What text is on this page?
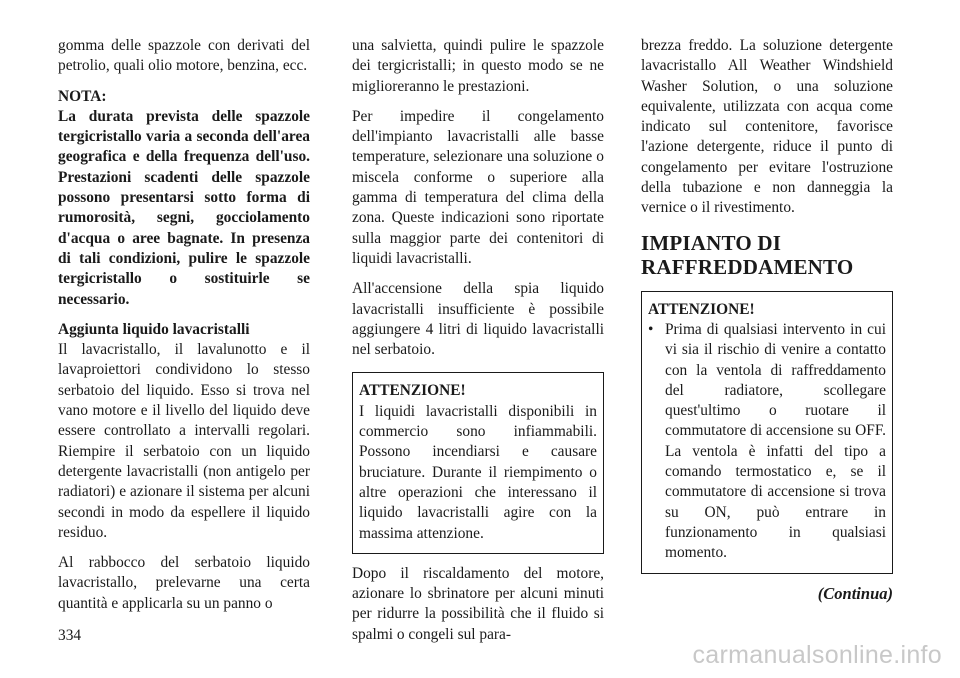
gomma delle spazzole con derivati del petrolio, quali olio motore, benzina, ecc.

NOTA:

La durata prevista delle spazzole tergicristallo varia a seconda dell'area geografica e della frequenza dell'uso. Prestazioni scadenti delle spazzole possono presentarsi sotto forma di rumorosità, segni, gocciolamento d'acqua o aree bagnate. In presenza di tali condizioni, pulire le spazzole tergicristallo o sostituirle se necessario.

Aggiunta liquido lavacristalli

Il lavacristallo, il lavalunotto e il lavaproiettori condividono lo stesso serbatoio del liquido. Esso si trova nel vano motore e il livello del liquido deve essere controllato a intervalli regolari. Riempire il serbatoio con un liquido detergente lavacristalli (non antigelo per radiatori) e azionare il sistema per alcuni secondi in modo da espellere il liquido residuo.

Al rabbocco del serbatoio liquido lavacristallo, prelevarne una certa quantità e applicarla su un panno o

una salvietta, quindi pulire le spazzole dei tergicristalli; in questo modo se ne miglioreranno le prestazioni.

Per impedire il congelamento dell'impianto lavacristalli alle basse temperature, selezionare una soluzione o miscela conforme o superiore alla gamma di temperatura del clima della zona. Queste indicazioni sono riportate sulla maggior parte dei contenitori di liquidi lavacristalli.

All'accensione della spia liquido lavacristalli insufficiente è possibile aggiungere 4 litri di liquido lavacristalli nel serbatoio.

ATTENZIONE!

I liquidi lavacristalli disponibili in commercio sono infiammabili. Possono incendiarsi e causare bruciature. Durante il riempimento o altre operazioni che interessano il liquido lavacristalli agire con la massima attenzione.

Dopo il riscaldamento del motore, azionare lo sbrinatore per alcuni minuti per ridurre la possibilità che il fluido si spalmi o congeli sul para-

brezza freddo. La soluzione detergente lavacristallo All Weather Windshield Washer Solution, o una soluzione equivalente, utilizzata con acqua come indicato sul contenitore, favorisce l'azione detergente, riduce il punto di congelamento per evitare l'ostruzione della tubazione e non danneggia la vernice o il rivestimento.

IMPIANTO DI RAFFREDDAMENTO

ATTENZIONE!

• Prima di qualsiasi intervento in cui vi sia il rischio di venire a contatto con la ventola di raffreddamento del radiatore, scollegare quest'ultimo o ruotare il commutatore di accensione su OFF. La ventola è infatti del tipo a comando termostatico e, se il commutatore di accensione si trova su ON, può entrare in funzionamento in qualsiasi momento.
(Continua)
334
carmanualsonline.info
